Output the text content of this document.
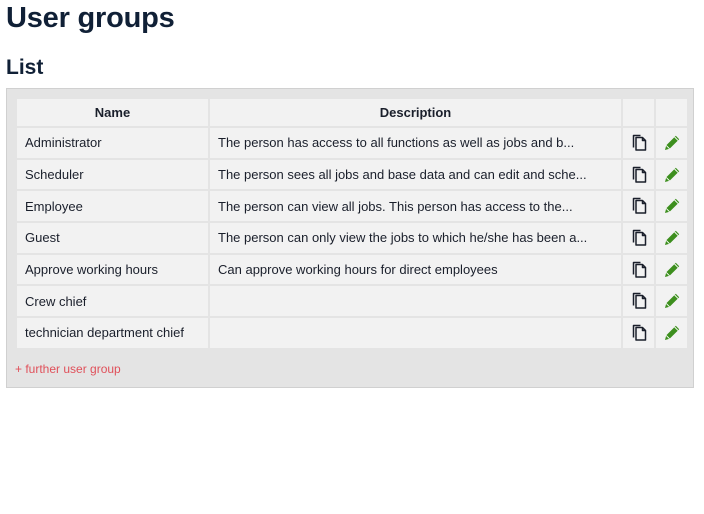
User groups
List
Name	Description		
Administrator	The person has access to all functions as well as jobs and b...	

Scheduler	The person sees all jobs and base data and can edit and sche...	

Employee	The person can view all jobs. This person has access to the...	

Guest	The person can only view the jobs to which he/she has been a...	

Approve working hours	Can approve working hours for direct employees	

Crew chief		

technician department chief		

+ further user group
